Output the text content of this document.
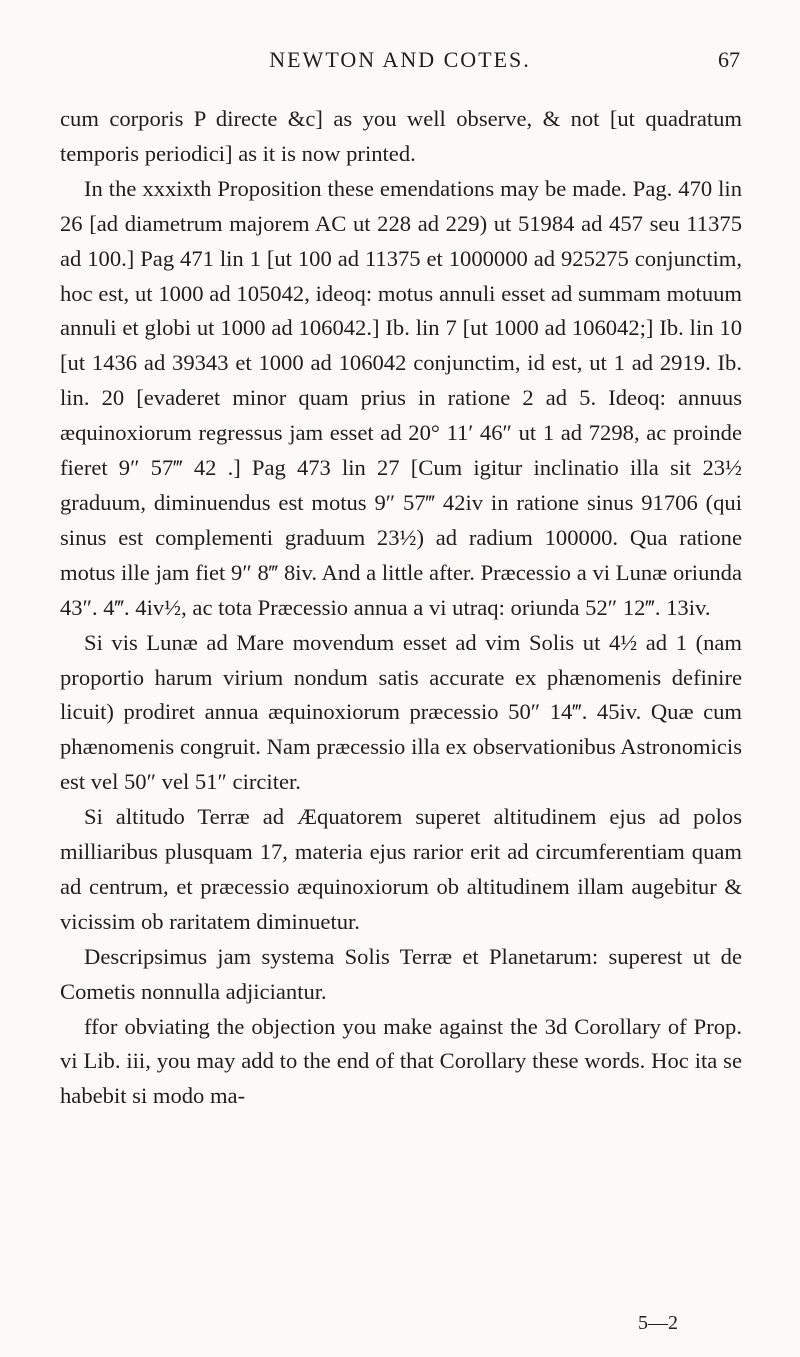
NEWTON AND COTES.	67

cum corporis P directe &c] as you well observe, & not [ut quadratum temporis periodici] as it is now printed.

In the xxxixth Proposition these emendations may be made. Pag. 470 lin 26 [ad diametrum majorem AC ut 228 ad 229) ut 51984 ad 457 seu 11375 ad 100.] Pag 471 lin 1 [ut 100 ad 11375 et 1000000 ad 925275 conjunctim, hoc est, ut 1000 ad 105042, ideoq: motus annuli esset ad summam motuum annuli et globi ut 1000 ad 106042.] Ib. lin 7 [ut 1000 ad 106042;] Ib. lin 10 [ut 1436 ad 39343 et 1000 ad 106042 conjunctim, id est, ut 1 ad 2919. Ib. lin. 20 [evaderet minor quam prius in ratione 2 ad 5. Ideoq: annuus æquinoxiorum regressus jam esset ad 20° 11′ 46″ ut 1 ad 7298, ac proinde fieret 9″ 57‴ 42 .] Pag 473 lin 27 [Cum igitur inclinatio illa sit 23½ graduum, diminuendus est motus 9″ 57‴ 42iv in ratione sinus 91706 (qui sinus est complementi graduum 23½) ad radium 100000. Qua ratione motus ille jam fiet 9″ 8‴ 8iv. And a little after. Præcessio a vi Lunæ oriunda 43″. 4‴. 4iv½, ac tota Præcessio annua a vi utraq: oriunda 52″ 12‴. 13iv.

Si vis Lunæ ad Mare movendum esset ad vim Solis ut 4½ ad 1 (nam proportio harum virium nondum satis accurate ex phænomenis definire licuit) prodiret annua æquinoxiorum præcessio 50″ 14‴. 45iv. Quæ cum phænomenis congruit. Nam præcessio illa ex observationibus Astronomicis est vel 50″ vel 51″ circiter.

Si altitudo Terræ ad Æquatorem superet altitudinem ejus ad polos milliaribus plusquam 17, materia ejus rarior erit ad circumferentiam quam ad centrum, et præcessio æquinoxiorum ob altitudinem illam augebitur & vicissim ob raritatem diminuetur.

Descripsimus jam systema Solis Terræ et Planetarum: superest ut de Cometis nonnulla adjiciantur.

ffor obviating the objection you make against the 3d Corollary of Prop. vi Lib. iii, you may add to the end of that Corollary these words. Hoc ita se habebit si modo ma-

5—2
